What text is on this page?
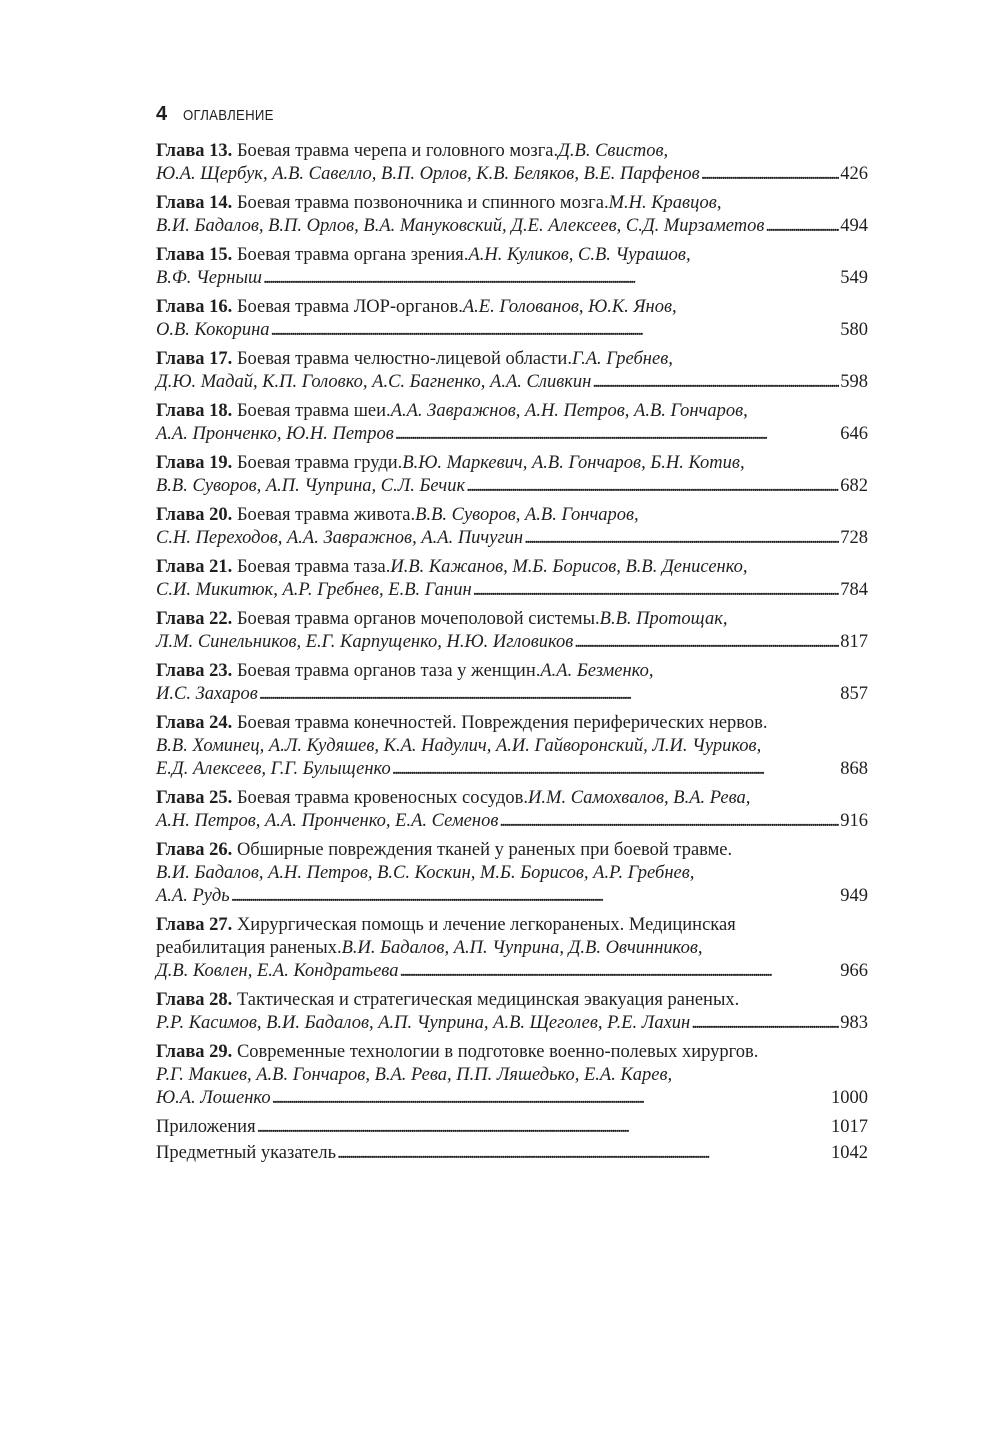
4 ОГЛАВЛЕНИЕ
Глава 13. Боевая травма черепа и головного мозга. Д.В. Свистов,
Ю.А. Щербук, А.В. Савелло, В.П. Орлов, К.В. Беляков, В.Е. Парфенов . . .	426
Глава 14. Боевая травма позвоночника и спинного мозга. М.Н. Кравцов,
В.И. Бадалов, В.П. Орлов, В.А. Мануковский, Д.Е. Алексеев, С.Д. Мирзаметов . . .	494
Глава 15. Боевая травма органа зрения. А.Н. Куликов, С.В. Чурашов,
В.Ф. Черныш . . .	549
Глава 16. Боевая травма ЛОР-органов. А.Е. Голованов, Ю.К. Янов,
О.В. Кокорина . . .	580
Глава 17. Боевая травма челюстно-лицевой области. Г.А. Гребнев,
Д.Ю. Мадай, К.П. Головко, А.С. Багненко, А.А. Сливкин . . .	598
Глава 18. Боевая травма шеи. А.А. Завражнов, А.Н. Петров, А.В. Гончаров,
А.А. Пронченко, Ю.Н. Петров . . .	646
Глава 19. Боевая травма груди. В.Ю. Маркевич, А.В. Гончаров, Б.Н. Котив,
В.В. Суворов, А.П. Чуприна, С.Л. Бечик . . .	682
Глава 20. Боевая травма живота. В.В. Суворов, А.В. Гончаров,
С.Н. Переходов, А.А. Завражнов, А.А. Пичугин . . .	728
Глава 21. Боевая травма таза. И.В. Кажанов, М.Б. Борисов, В.В. Денисенко,
С.И. Микитюк, А.Р. Гребнев, Е.В. Ганин . . .	784
Глава 22. Боевая травма органов мочеполовой системы. В.В. Протощак,
Л.М. Синельников, Е.Г. Карпущенко, Н.Ю. Игловиков . . .	817
Глава 23. Боевая травма органов таза у женщин. А.А. Безменко,
И.С. Захаров . . .	857
Глава 24. Боевая травма конечностей. Повреждения периферических нервов.
В.В. Хоминец, А.Л. Кудяшев, К.А. Надулич, А.И. Гайворонский, Л.И. Чуриков,
Е.Д. Алексеев, Г.Г. Булыщенко . . .	868
Глава 25. Боевая травма кровеносных сосудов. И.М. Самохвалов, В.А. Рева,
А.Н. Петров, А.А. Пронченко, Е.А. Семенов . . .	916
Глава 26. Обширные повреждения тканей у раненых при боевой травме.
В.И. Бадалов, А.Н. Петров, В.С. Коскин, М.Б. Борисов, А.Р. Гребнев,
А.А. Рудь . . .	949
Глава 27. Хирургическая помощь и лечение легкораненых. Медицинская
реабилитация раненых. В.И. Бадалов, А.П. Чуприна, Д.В. Овчинников,
Д.В. Ковлен, Е.А. Кондратьева . . .	966
Глава 28. Тактическая и стратегическая медицинская эвакуация раненых.
Р.Р. Касимов, В.И. Бадалов, А.П. Чуприна, А.В. Щеголев, Р.Е. Лахин . . .	983
Глава 29. Современные технологии в подготовке военно-полевых хирургов.
Р.Г. Макиев, А.В. Гончаров, В.А. Рева, П.П. Ляшедько, Е.А. Карев,
Ю.А. Лошенко . . .	1000
Приложения . . .	1017
Предметный указатель . . .	1042
